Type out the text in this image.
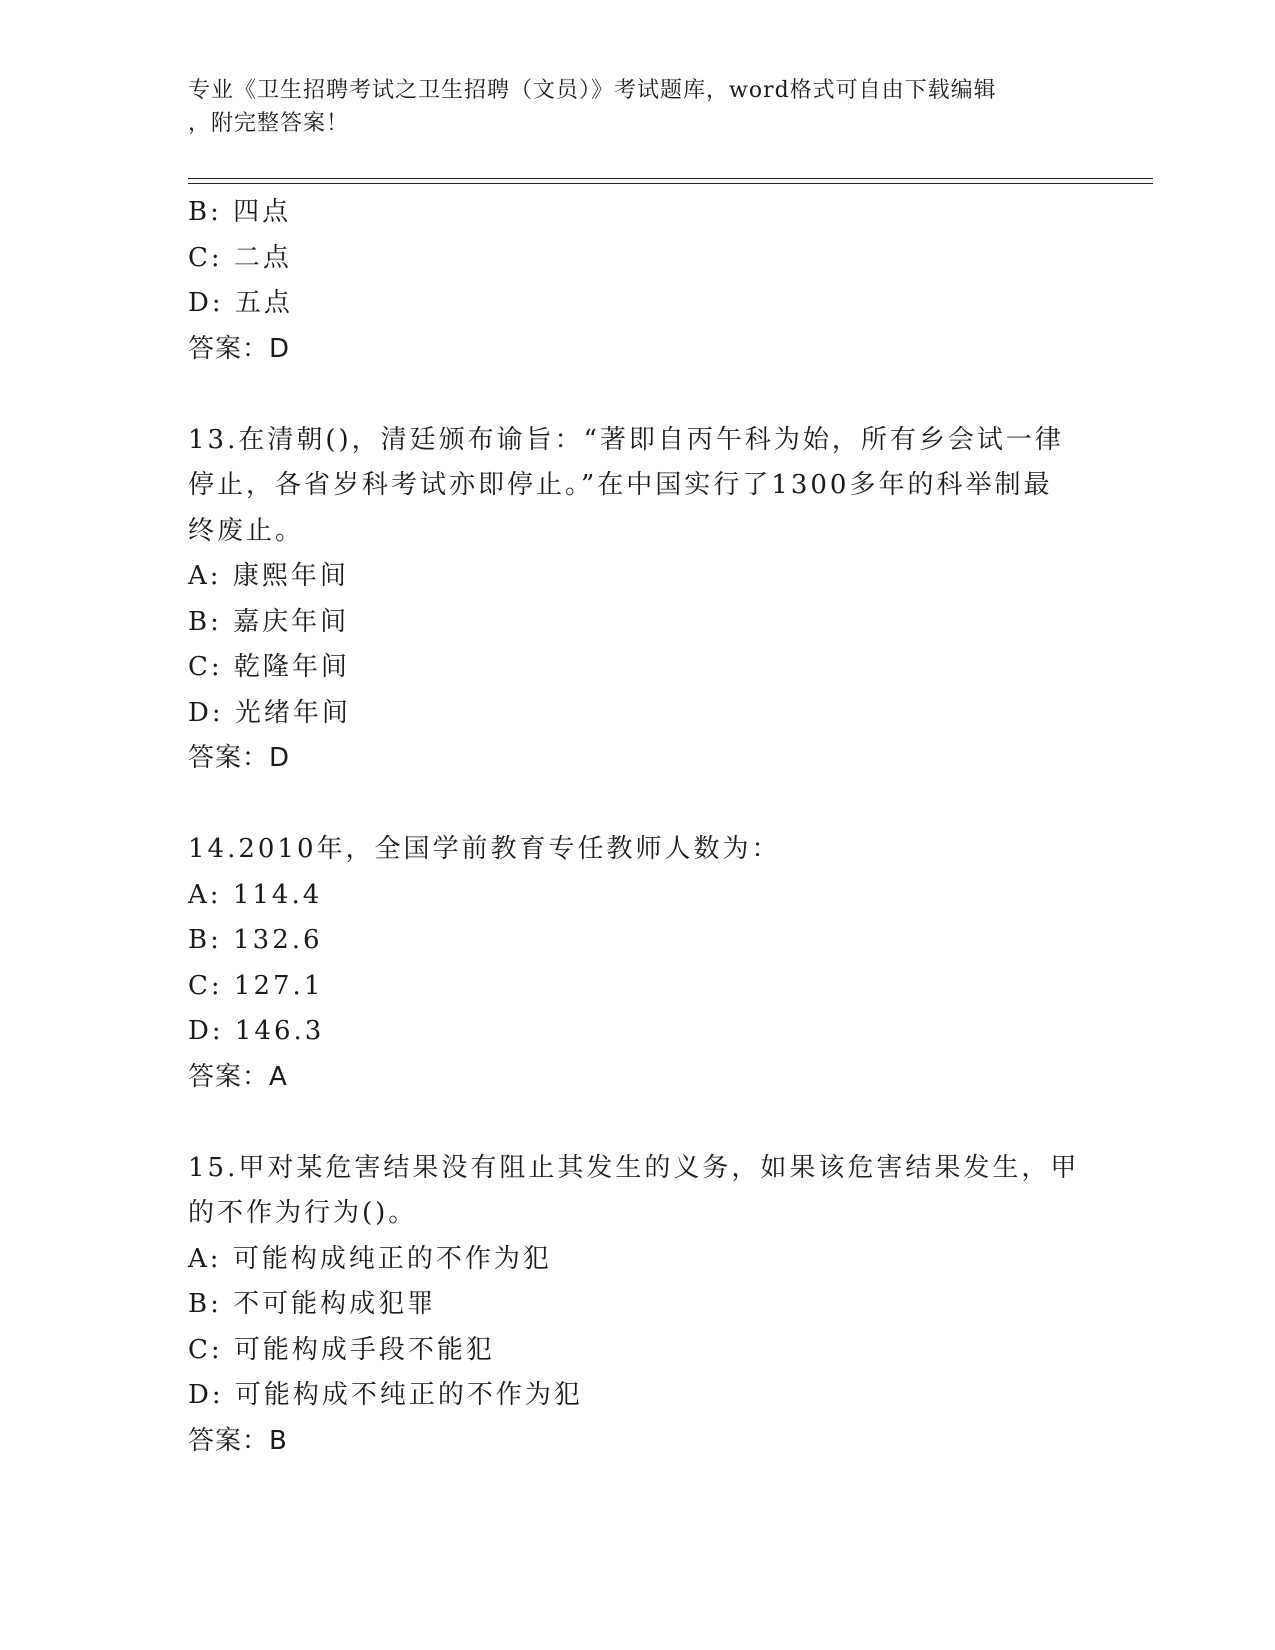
专业《卫生招聘考试之卫生招聘（文员）》考试题库，word格式可自由下载编辑
，附完整答案！
B: 四点
C: 二点
D: 五点
答案：D
13.在清朝()，清廷颁布谕旨：“著即自丙午科为始，所有乡会试一律
停止，各省岁科考试亦即停止。”在中国实行了1300多年的科举制最
终废止。
A: 康熙年间
B: 嘉庆年间
C: 乾隆年间
D: 光绪年间
答案：D
14.2010年，全国学前教育专任教师人数为：
A: 114.4
B: 132.6
C: 127.1
D: 146.3
答案：A
15.甲对某危害结果没有阻止其发生的义务，如果该危害结果发生，甲
的不作为行为()。
A: 可能构成纯正的不作为犯
B: 不可能构成犯罪
C: 可能构成手段不能犯
D: 可能构成不纯正的不作为犯
答案：B
